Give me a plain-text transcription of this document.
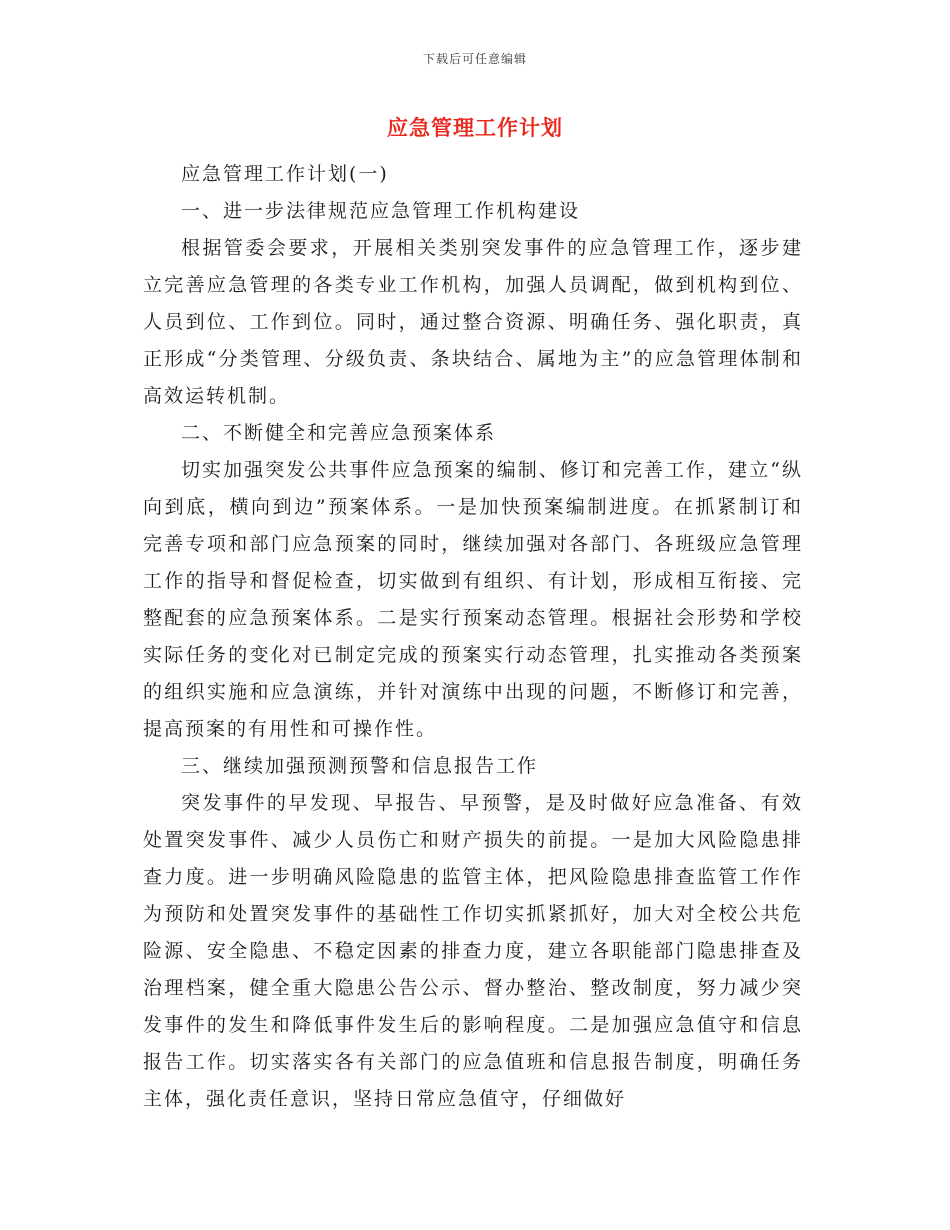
下载后可任意编辑
应急管理工作计划

应急管理工作计划(一)

一、进一步法律规范应急管理工作机构建设

根据管委会要求，开展相关类别突发事件的应急管理工作，逐步建立完善应急管理的各类专业工作机构，加强人员调配，做到机构到位、人员到位、工作到位。同时，通过整合资源、明确任务、强化职责，真正形成“分类管理、分级负责、条块结合、属地为主”的应急管理体制和高效运转机制。

二、不断健全和完善应急预案体系

切实加强突发公共事件应急预案的编制、修订和完善工作，建立“纵向到底，横向到边”预案体系。一是加快预案编制进度。在抓紧制订和完善专项和部门应急预案的同时，继续加强对各部门、各班级应急管理工作的指导和督促检查，切实做到有组织、有计划，形成相互衔接、完整配套的应急预案体系。二是实行预案动态管理。根据社会形势和学校实际任务的变化对已制定完成的预案实行动态管理，扎实推动各类预案的组织实施和应急演练，并针对演练中出现的问题，不断修订和完善，提高预案的有用性和可操作性。

三、继续加强预测预警和信息报告工作

突发事件的早发现、早报告、早预警，是及时做好应急准备、有效处置突发事件、减少人员伤亡和财产损失的前提。一是加大风险隐患排查力度。进一步明确风险隐患的监管主体，把风险隐患排查监管工作作为预防和处置突发事件的基础性工作切实抓紧抓好，加大对全校公共危险源、安全隐患、不稳定因素的排查力度，建立各职能部门隐患排查及治理档案，健全重大隐患公告公示、督办整治、整改制度，努力减少突发事件的发生和降低事件发生后的影响程度。二是加强应急值守和信息报告工作。切实落实各有关部门的应急值班和信息报告制度，明确任务主体，强化责任意识，坚持日常应急值守，仔细做好
